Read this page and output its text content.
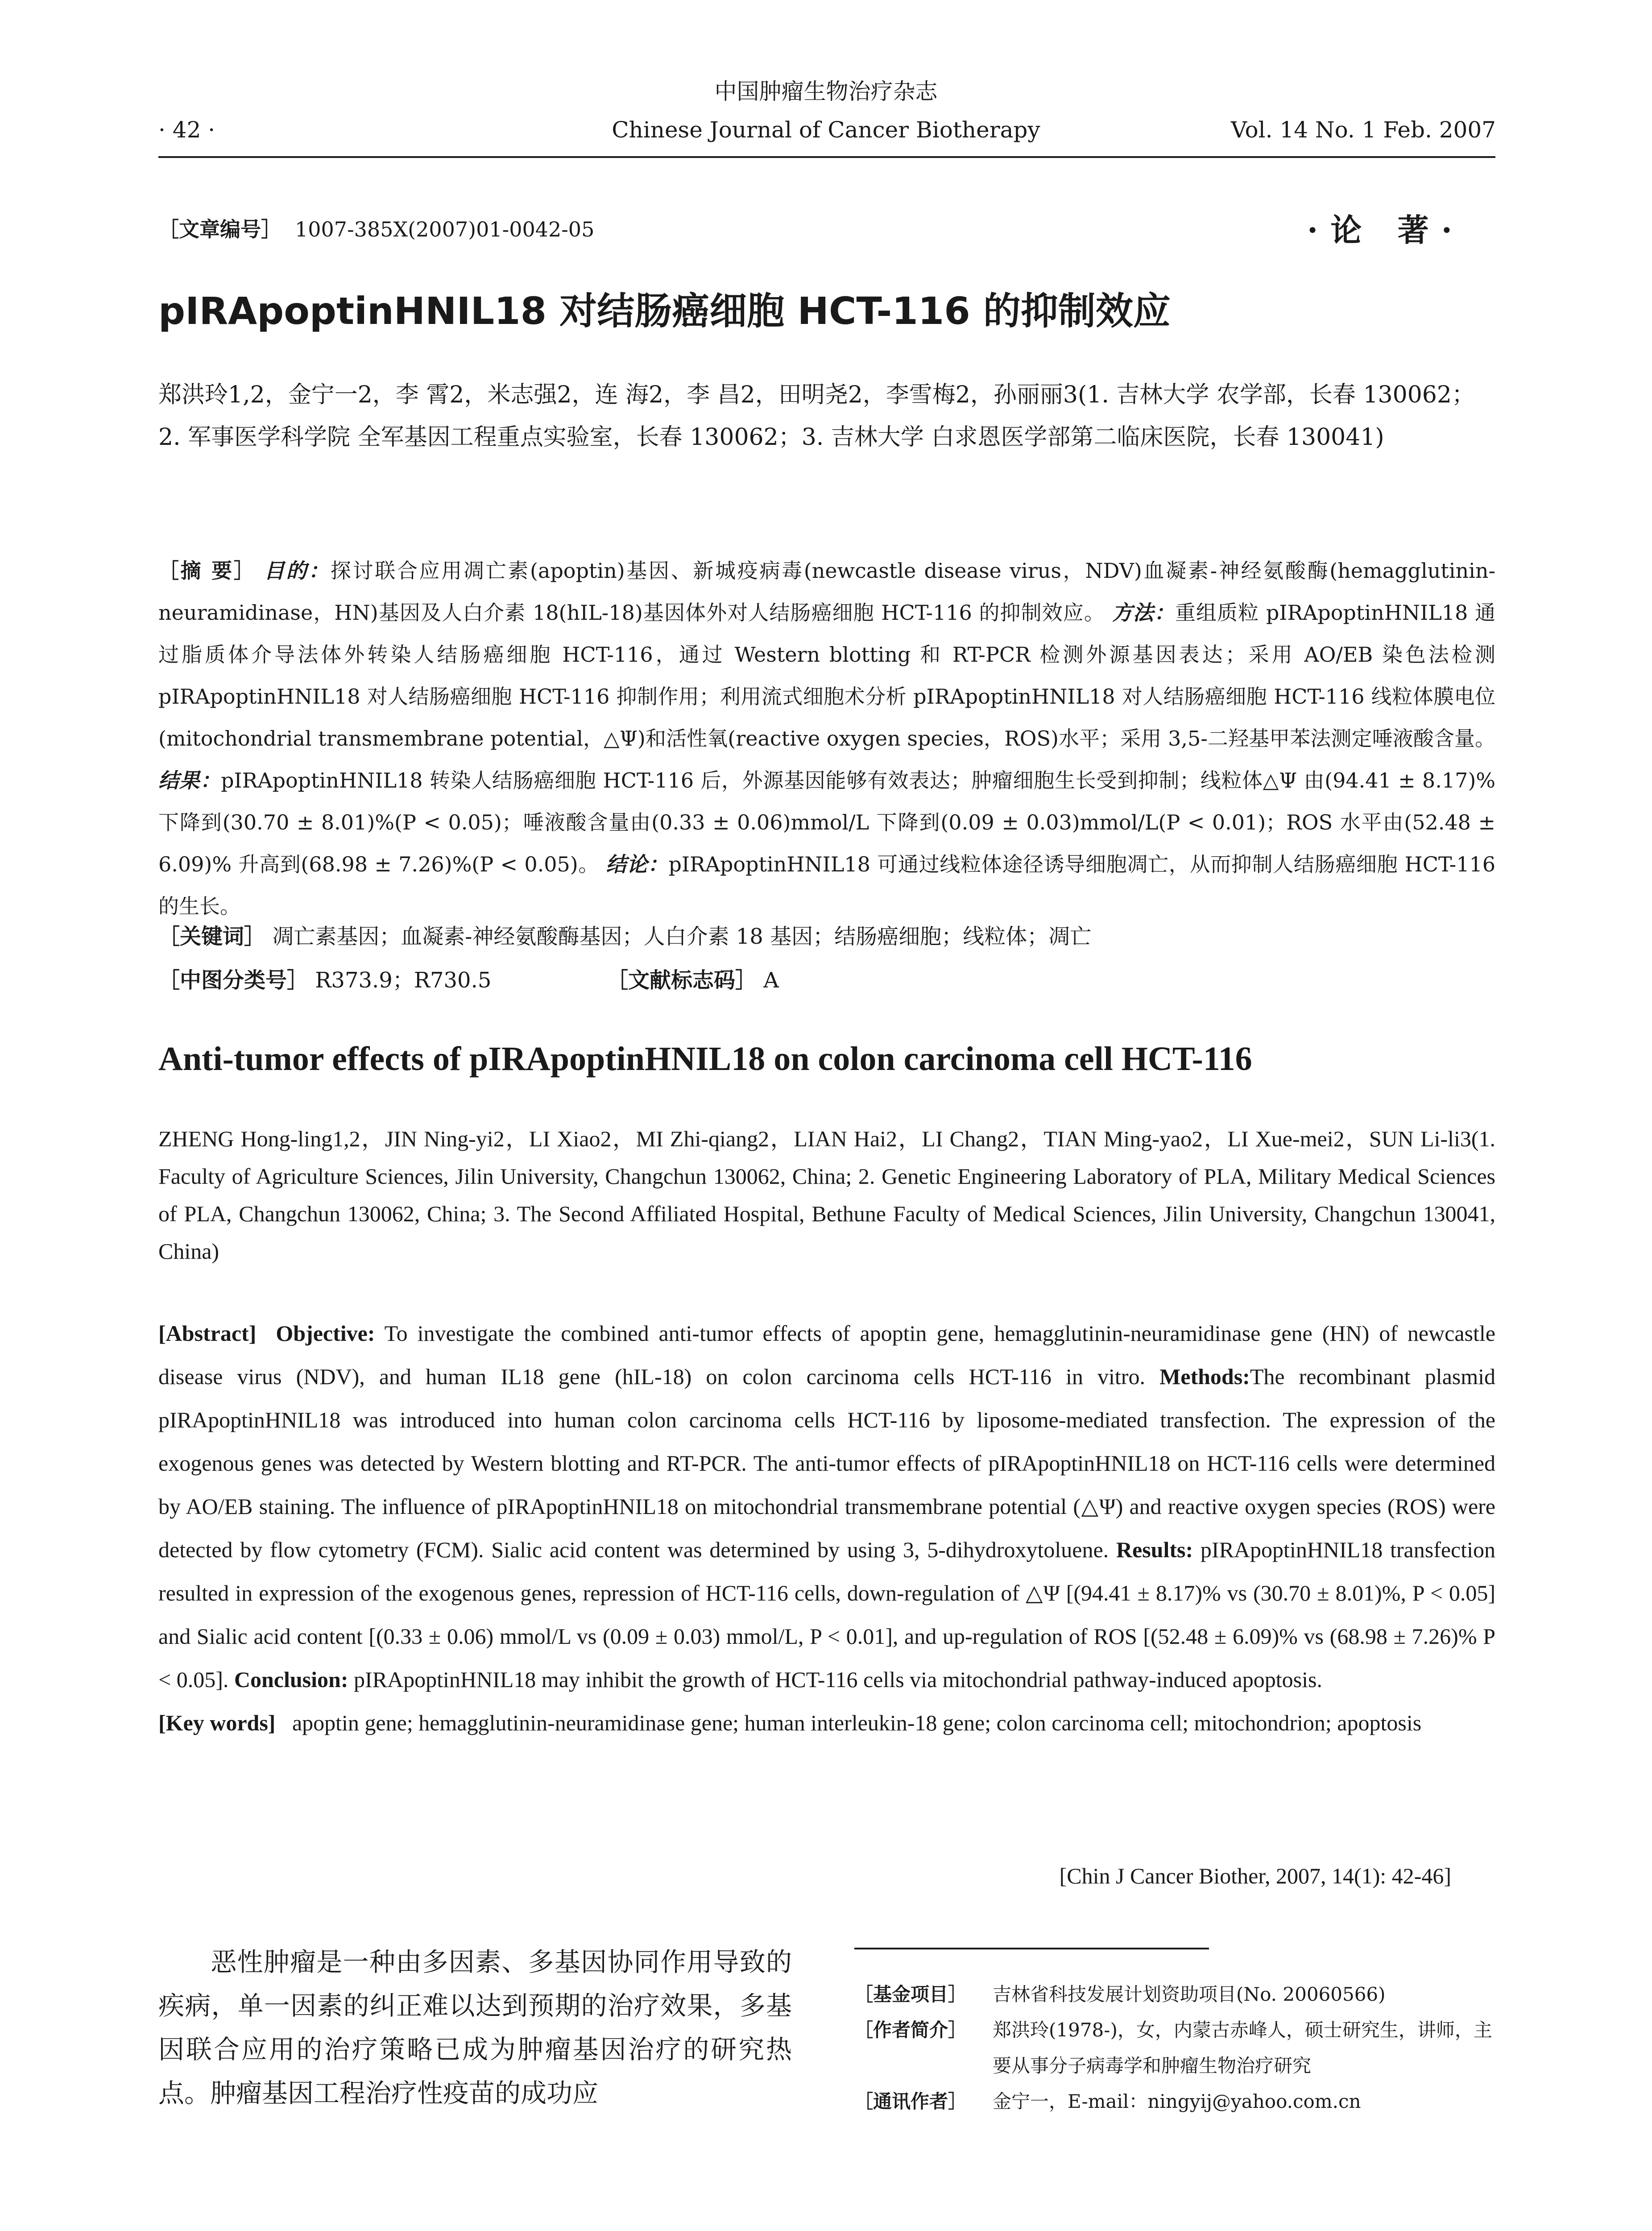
中国肿瘤生物治疗杂志
· 42 ·	Chinese Journal of Cancer Biotherapy	Vol. 14 No. 1 Feb. 2007
［文章编号］ 1007-385X(2007)01-0042-05	·论 著·
pIRApoptinHNIL18 对结肠癌细胞 HCT-116 的抑制效应
郑洪玲1,2，金宁一2，李 霄2，米志强2，连 海2，李 昌2，田明尧2，李雪梅2，孙丽丽3(1. 吉林大学 农学部，长春 130062；2. 军事医学科学院 全军基因工程重点实验室，长春 130062；3. 吉林大学 白求恩医学部第二临床医院，长春 130041)
［摘 要］ 目的：探讨联合应用凋亡素(apoptin)基因、新城疫病毒(newcastle disease virus，NDV)血凝素-神经氨酸酶(hemagglutinin-neuramidinase，HN)基因及人白介素 18(hIL-18)基因体外对人结肠癌细胞 HCT-116 的抑制效应。 方法：重组质粒 pIRApoptinHNIL18 通过脂质体介导法体外转染人结肠癌细胞 HCT-116，通过 Western blotting 和 RT-PCR 检测外源基因表达；采用 AO/EB 染色法检测 pIRApoptinHNIL18 对人结肠癌细胞 HCT-116 抑制作用；利用流式细胞术分析 pIRApoptinHNIL18 对人结肠癌细胞 HCT-116 线粒体膜电位(mitochondrial transmembrane potential，△Ψ)和活性氧(reactive oxygen species，ROS)水平；采用 3,5-二羟基甲苯法测定唾液酸含量。 结果：pIRApoptinHNIL18 转染人结肠癌细胞 HCT-116 后，外源基因能够有效表达；肿瘤细胞生长受到抑制；线粒体△Ψ 由(94.41 ± 8.17)% 下降到(30.70 ± 8.01)%(P < 0.05)；唾液酸含量由(0.33 ± 0.06)mmol/L 下降到(0.09 ± 0.03)mmol/L(P < 0.01)；ROS 水平由(52.48 ± 6.09)% 升高到(68.98 ± 7.26)%(P < 0.05)。 结论：pIRApoptinHNIL18 可通过线粒体途径诱导细胞凋亡，从而抑制人结肠癌细胞 HCT-116 的生长。
［关键词］ 凋亡素基因；血凝素-神经氨酸酶基因；人白介素 18 基因；结肠癌细胞；线粒体；凋亡
［中图分类号］ R373.9；R730.5	［文献标志码］ A
Anti-tumor effects of pIRApoptinHNIL18 on colon carcinoma cell HCT-116
ZHENG Hong-ling1,2，JIN Ning-yi2，LI Xiao2，MI Zhi-qiang2，LIAN Hai2，LI Chang2，TIAN Ming-yao2，LI Xue-mei2，SUN Li-li3(1. Faculty of Agriculture Sciences, Jilin University, Changchun 130062, China; 2. Genetic Engineering Laboratory of PLA, Military Medical Sciences of PLA, Changchun 130062, China; 3. The Second Affiliated Hospital, Bethune Faculty of Medical Sciences, Jilin University, Changchun 130041, China)
[Abstract] Objective: To investigate the combined anti-tumor effects of apoptin gene, hemagglutinin-neuramidinase gene (HN) of newcastle disease virus (NDV), and human IL18 gene (hIL-18) on colon carcinoma cells HCT-116 in vitro. Methods:The recombinant plasmid pIRApoptinHNIL18 was introduced into human colon carcinoma cells HCT-116 by liposome-mediated transfection. The expression of the exogenous genes was detected by Western blotting and RT-PCR. The anti-tumor effects of pIRApoptinHNIL18 on HCT-116 cells were determined by AO/EB staining. The influence of pIRApoptinHNIL18 on mitochondrial transmembrane potential (△Ψ) and reactive oxygen species (ROS) were detected by flow cytometry (FCM). Sialic acid content was determined by using 3, 5-dihydroxytoluene. Results: pIRApoptinHNIL18 transfection resulted in expression of the exogenous genes, repression of HCT-116 cells, down-regulation of △Ψ [(94.41 ± 8.17)% vs (30.70 ± 8.01)%, P < 0.05] and Sialic acid content [(0.33 ± 0.06) mmol/L vs (0.09 ± 0.03) mmol/L, P < 0.01], and up-regulation of ROS [(52.48 ± 6.09)% vs (68.98 ± 7.26)% P < 0.05]. Conclusion: pIRApoptinHNIL18 may inhibit the growth of HCT-116 cells via mitochondrial pathway-induced apoptosis.
[Key words] apoptin gene; hemagglutinin-neuramidinase gene; human interleukin-18 gene; colon carcinoma cell; mitochondrion; apoptosis
[Chin J Cancer Biother, 2007, 14(1): 42-46]
恶性肿瘤是一种由多因素、多基因协同作用导致的疾病，单一因素的纠正难以达到预期的治疗效果，多基因联合应用的治疗策略已成为肿瘤基因治疗的研究热点。肿瘤基因工程治疗性疫苗的成功应
［基金项目］	吉林省科技发展计划资助项目(No. 20060566)
［作者简介］	郑洪玲(1978-)，女，内蒙古赤峰人，硕士研究生，讲师，主要从事分子病毒学和肿瘤生物治疗研究
［通讯作者］	金宁一，E-mail：ningyij@yahoo.com.cn
